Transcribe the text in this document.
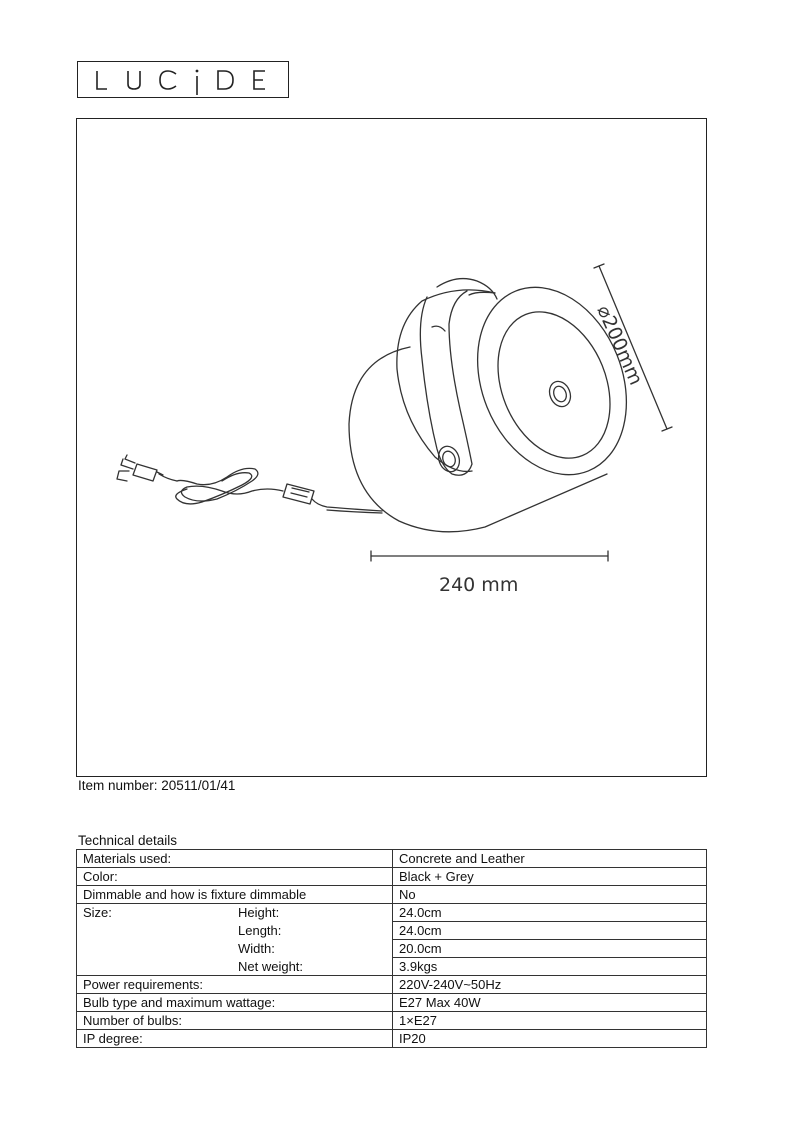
⌀200mm
240 mm
Item number: 20511/01/41
Technical details
Materials used:	Concrete and Leather
Color:	Black + Grey
Dimmable and how is fixture dimmable	No
Size: Height:	24.0cm

Length:	24.0cm

Width:	20.0cm

Net weight:	3.9kgs
Power requirements:	220V-240V~50Hz
Bulb type and maximum wattage:	E27 Max 40W
Number of bulbs:	1×E27
IP degree:	IP20
